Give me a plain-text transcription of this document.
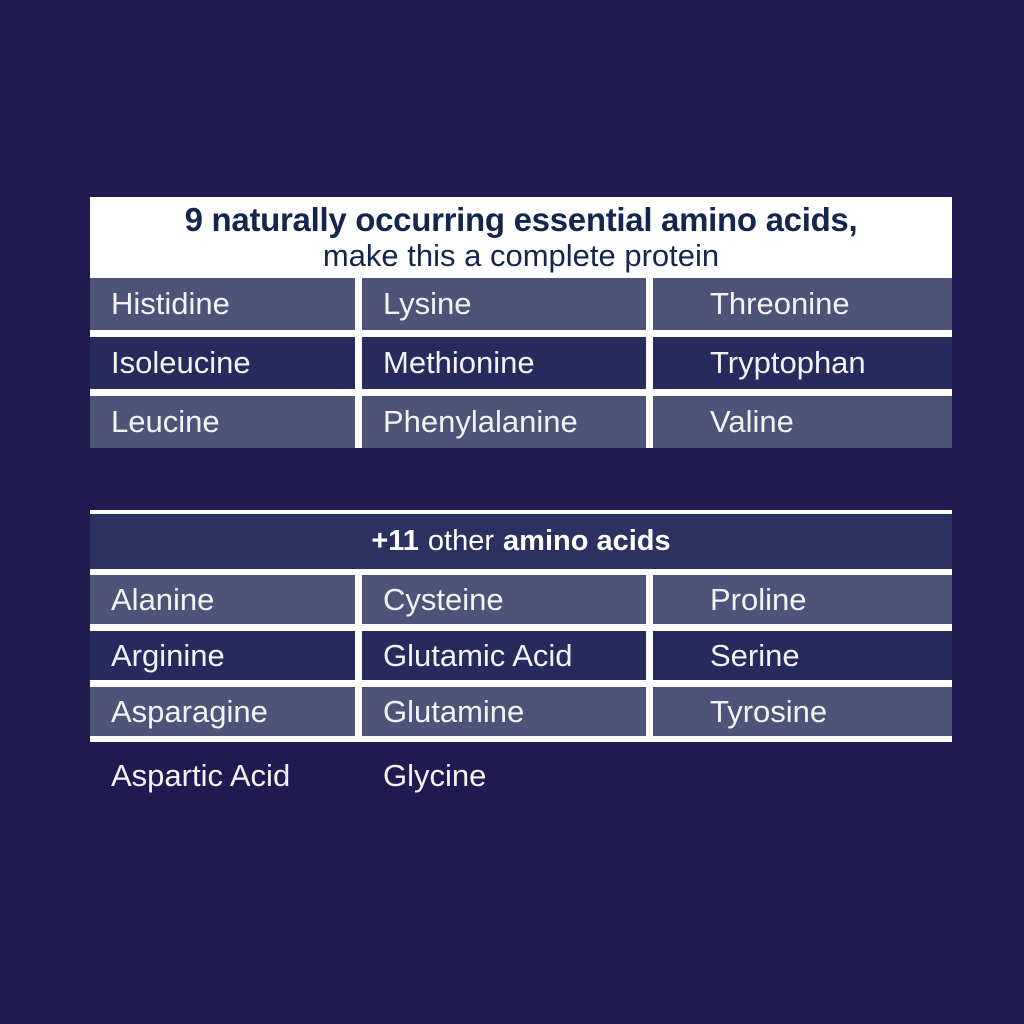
9 naturally occurring essential amino acids,
make this a complete protein
Histidine	Lysine	Threonine
Isoleucine	Methionine	Tryptophan
Leucine	Phenylalanine	Valine
+11 other amino acids
Alanine	Cysteine	Proline
Arginine	Glutamic Acid	Serine
Asparagine	Glutamine	Tyrosine
Aspartic Acid	Glycine
